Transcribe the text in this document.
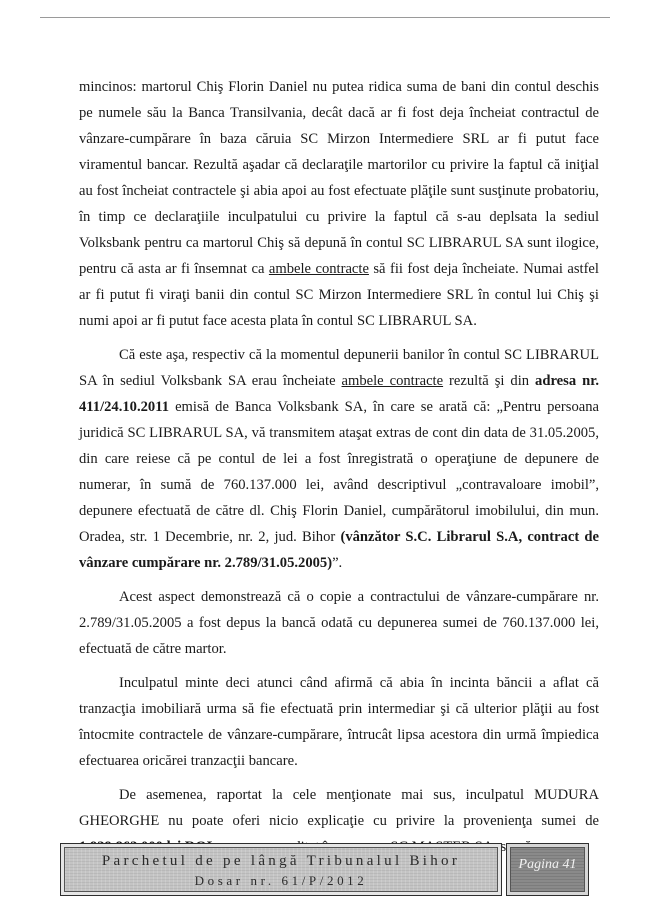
mincinos: martorul Chiş Florin Daniel nu putea ridica suma de bani din contul deschis pe numele său la Banca Transilvania, decât dacă ar fi fost deja încheiat contractul de vânzare-cumpărare în baza căruia SC Mirzon Intermediere SRL ar fi putut face viramentul bancar. Rezultă aşadar că declaraţile martorilor cu privire la faptul că iniţial au fost încheiat contractele şi abia apoi au fost efectuate plăţile sunt susţinute probatoriu, în timp ce declaraţiile inculpatului cu privire la faptul că s-au deplsata la sediul Volksbank pentru ca martorul Chiş să depună în contul SC LIBRARUL SA sunt ilogice, pentru că asta ar fi însemnat ca ambele contracte să fii fost deja încheiate. Numai astfel ar fi putut fi viraţi banii din contul SC Mirzon Intermediere SRL în contul lui Chiş şi numi apoi ar fi putut face acesta plata în contul SC LIBRARUL SA.

Că este aşa, respectiv că la momentul depunerii banilor în contul SC LIBRARUL SA în sediul Volksbank SA erau încheiate ambele contracte rezultă şi din adresa nr. 411/24.10.2011 emisă de Banca Volksbank SA, în care se arată că: „Pentru persoana juridică SC LIBRARUL SA, vă transmitem ataşat extras de cont din data de 31.05.2005, din care reiese că pe contul de lei a fost înregistrată o operaţiune de depunere de numerar, în sumă de 760.137.000 lei, având descriptivul „contravaloare imobil”, depunere efectuată de către dl. Chiş Florin Daniel, cumpărătorul imobilului, din mun. Oradea, str. 1 Decembrie, nr. 2, jud. Bihor (vânzător S.C. Librarul S.A, contract de vânzare cumpărare nr. 2.789/31.05.2005)”.

Acest aspect demonstrează că o copie a contractului de vânzare-cumpărare nr. 2.789/31.05.2005 a fost depus la bancă odată cu depunerea sumei de 760.137.000 lei, efectuată de către martor.

Inculpatul minte deci atunci când afirmă că abia în incinta băncii a aflat că tranzacţia imobiliară urma să fie efectuată prin intermediar şi că ulterior plăţii au fost întocmite contractele de vânzare-cumpărare, întrucât lipsa acestora din urmă împiedica efectuarea oricărei tranzacţii bancare.

De asemenea, raportat la cele menţionate mai sus, inculpatul MUDURA GHEORGHE nu poate oferi nicio explicaţie cu privire la provenienţa sumei de

Parchetul de pe lângă Tribunalul Bihor
Dosar nr. 61/P/2012
Pagina 41
